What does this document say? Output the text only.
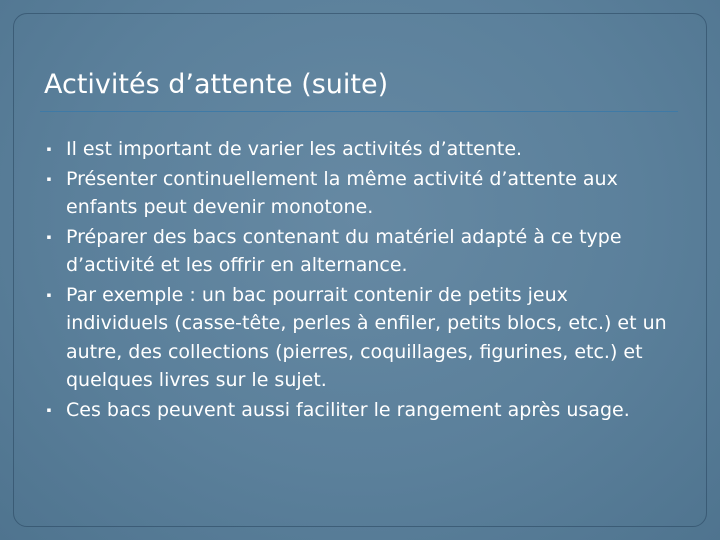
Activités d’attente (suite)
▪ Il est important de varier les activités d’attente.
▪ Présenter continuellement la même activité d’attente aux
enfants peut devenir monotone.
▪ Préparer des bacs contenant du matériel adapté à ce type
d’activité et les offrir en alternance.
▪ Par exemple : un bac pourrait contenir de petits jeux
individuels (casse-tête, perles à enfiler, petits blocs, etc.) et un
autre, des collections (pierres, coquillages, figurines, etc.) et
quelques livres sur le sujet.
▪ Ces bacs peuvent aussi faciliter le rangement après usage.
